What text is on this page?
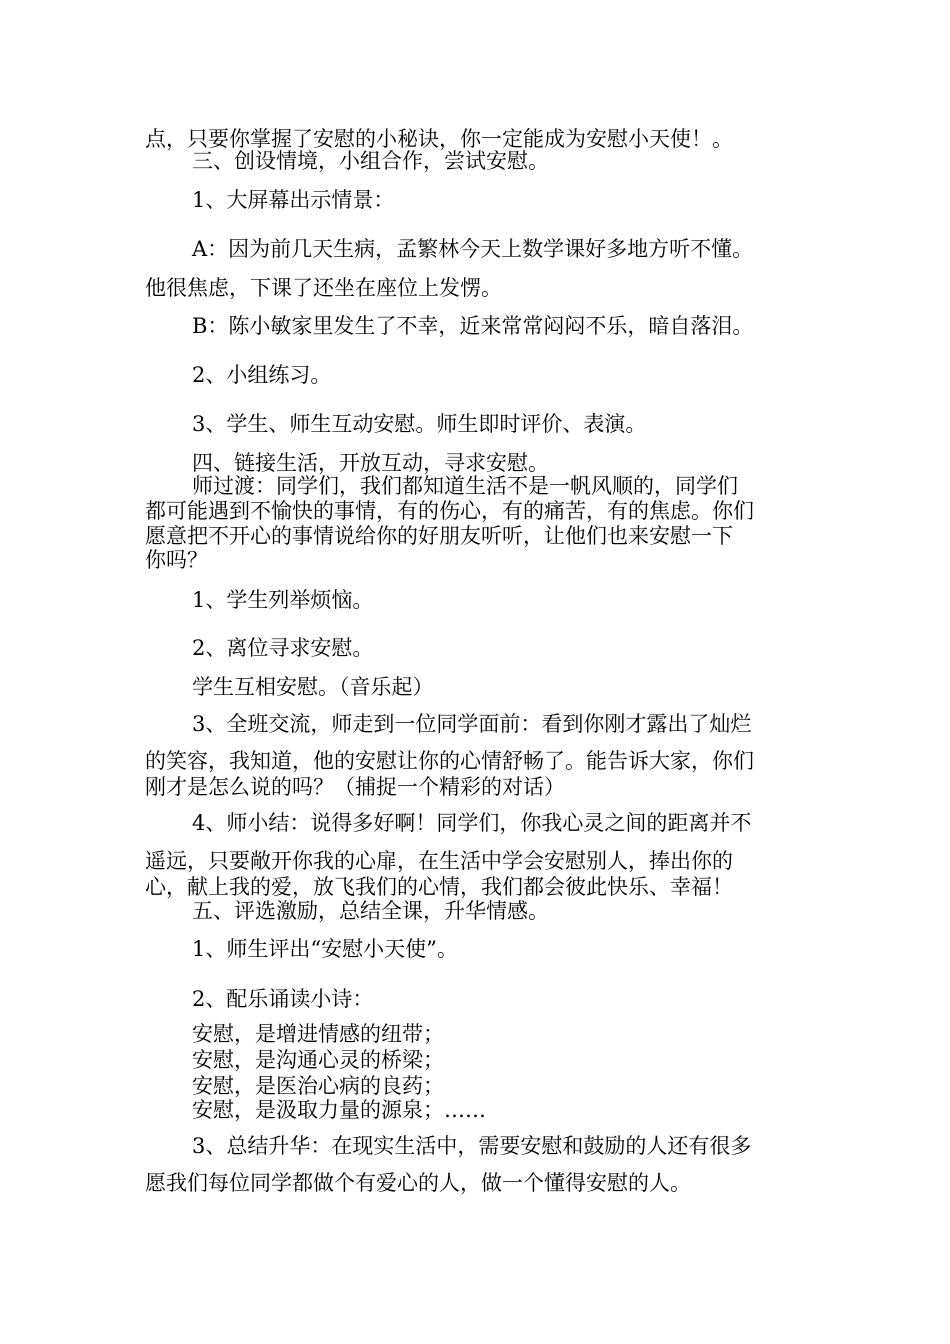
点，只要你掌握了安慰的小秘诀，你一定能成为安慰小天使！。

三、创设情境，小组合作，尝试安慰。

1、大屏幕出示情景：

A：因为前几天生病，孟繁林今天上数学课好多地方听不懂。

他很焦虑，下课了还坐在座位上发愣。

B：陈小敏家里发生了不幸，近来常常闷闷不乐，暗自落泪。

2、小组练习。

3、学生、师生互动安慰。师生即时评价、表演。

四、链接生活，开放互动，寻求安慰。

师过渡：同学们，我们都知道生活不是一帆风顺的，同学们

都可能遇到不愉快的事情，有的伤心，有的痛苦，有的焦虑。你们

愿意把不开心的事情说给你的好朋友听听，让他们也来安慰一下

你吗？

1、学生列举烦恼。

2、离位寻求安慰。

学生互相安慰。（音乐起）

3、全班交流，师走到一位同学面前：看到你刚才露出了灿烂

的笑容，我知道，他的安慰让你的心情舒畅了。能告诉大家，你们

刚才是怎么说的吗？（捕捉一个精彩的对话）

4、师小结：说得多好啊！同学们，你我心灵之间的距离并不

遥远，只要敞开你我的心扉，在生活中学会安慰别人，捧出你的

心，献上我的爱，放飞我们的心情，我们都会彼此快乐、幸福！

五、评选激励，总结全课，升华情感。

1、师生评出“安慰小天使”。

2、配乐诵读小诗：

安慰，是增进情感的纽带；

安慰，是沟通心灵的桥梁；

安慰，是医治心病的良药；

安慰，是汲取力量的源泉；……

3、总结升华：在现实生活中，需要安慰和鼓励的人还有很多

愿我们每位同学都做个有爱心的人，做一个懂得安慰的人。
